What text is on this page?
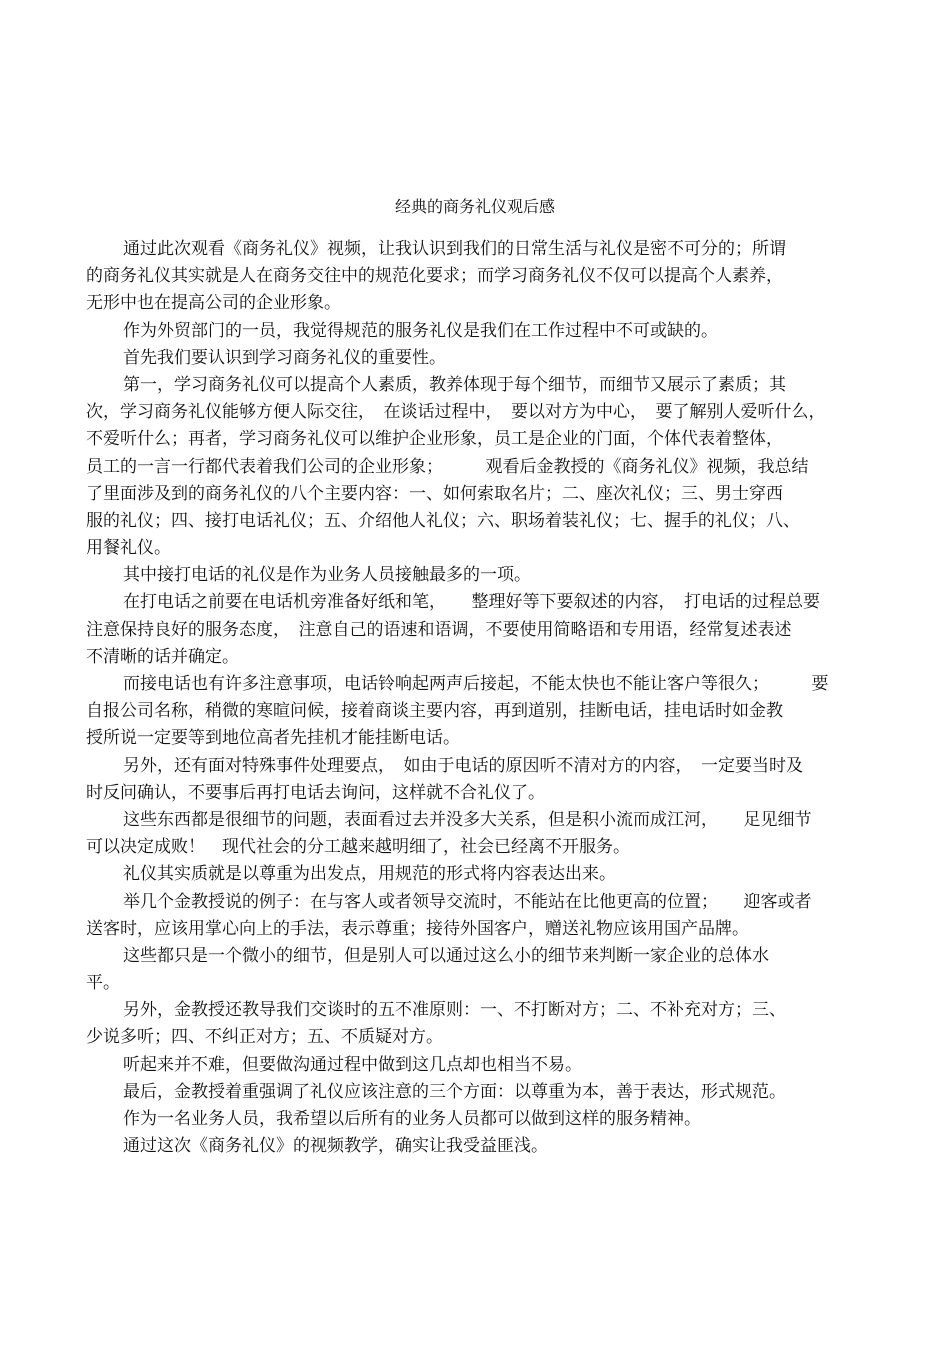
经典的商务礼仪观后感
通过此次观看《商务礼仪》视频，让我认识到我们的日常生活与礼仪是密不可分的；所谓
的商务礼仪其实就是人在商务交往中的规范化要求；而学习商务礼仪不仅可以提高个人素养，
无形中也在提高公司的企业形象。
作为外贸部门的一员，我觉得规范的服务礼仪是我们在工作过程中不可或缺的。
首先我们要认识到学习商务礼仪的重要性。
第一，学习商务礼仪可以提高个人素质，教养体现于每个细节，而细节又展示了素质；其
次，学习商务礼仪能够方便人际交往，　在谈话过程中，　要以对方为中心，　要了解别人爱听什么，
不爱听什么；再者，学习商务礼仪可以维护企业形象，员工是企业的门面，个体代表着整体，
员工的一言一行都代表着我们公司的企业形象；　　　观看后金教授的《商务礼仪》视频，我总结
了里面涉及到的商务礼仪的八个主要内容：一、如何索取名片；二、座次礼仪；三、男士穿西
服的礼仪；四、接打电话礼仪；五、介绍他人礼仪；六、职场着装礼仪；七、握手的礼仪；八、
用餐礼仪。
其中接打电话的礼仪是作为业务人员接触最多的一项。
在打电话之前要在电话机旁准备好纸和笔，　　整理好等下要叙述的内容，　打电话的过程总要
注意保持良好的服务态度，　注意自己的语速和语调，不要使用简略语和专用语，经常复述表述
不清晰的话并确定。
而接电话也有许多注意事项，电话铃响起两声后接起，不能太快也不能让客户等很久；　　　要
自报公司名称，稍微的寒暄问候，接着商谈主要内容，再到道别，挂断电话，挂电话时如金教
授所说一定要等到地位高者先挂机才能挂断电话。
另外，还有面对特殊事件处理要点，　如由于电话的原因听不清对方的内容，　一定要当时及
时反问确认，不要事后再打电话去询问，这样就不合礼仪了。
这些东西都是很细节的问题，表面看过去并没多大关系，但是积小流而成江河，　　足见细节
可以决定成败！　现代社会的分工越来越明细了，社会已经离不开服务。
礼仪其实质就是以尊重为出发点，用规范的形式将内容表达出来。
举几个金教授说的例子：在与客人或者领导交流时，不能站在比他更高的位置；　　迎客或者
送客时，应该用掌心向上的手法，表示尊重；接待外国客户，赠送礼物应该用国产品牌。
这些都只是一个微小的细节，但是别人可以通过这么小的细节来判断一家企业的总体水
平。
另外，金教授还教导我们交谈时的五不准原则：一、不打断对方；二、不补充对方；三、
少说多听；四、不纠正对方；五、不质疑对方。
听起来并不难，但要做沟通过程中做到这几点却也相当不易。
最后，金教授着重强调了礼仪应该注意的三个方面：以尊重为本，善于表达，形式规范。
作为一名业务人员，我希望以后所有的业务人员都可以做到这样的服务精神。
通过这次《商务礼仪》的视频教学，确实让我受益匪浅。
